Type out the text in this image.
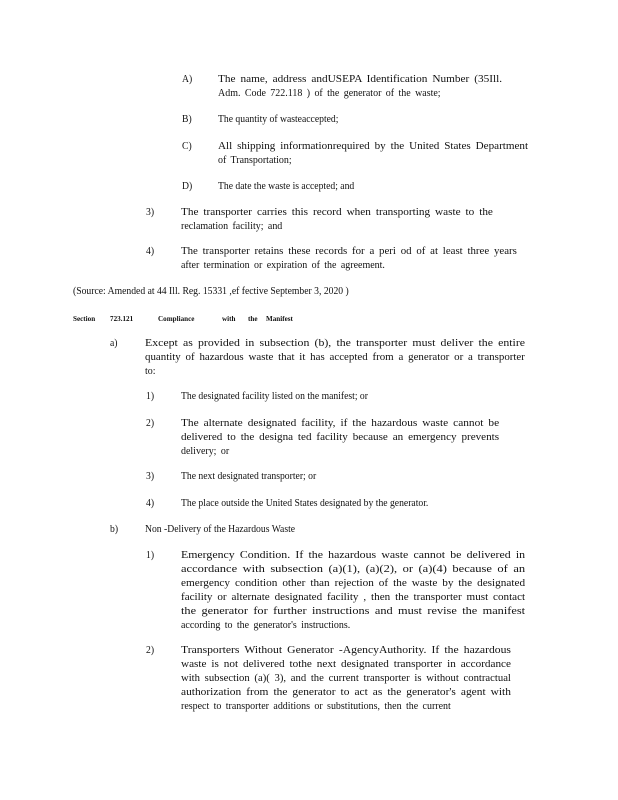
A) The name, address andUSEPA Identification Number (35Ill.
Adm. Code 722.118 ) of the generator of the waste;
B)	The quantity of wasteaccepted;
C)	All shipping informationrequired by the United States Department
of Transportation;
D) The date the waste is accepted; and
3)	The transporter carries this record when transporting waste to the
reclamation facility; and
4)	The transporter retains these records for a peri od of at least three years
after termination or expiration of the agreement.
(Source: Amended at 44 Ill. Reg. 15331 ,ef fective September 3, 2020 )
Section 723.121	Compliance	with the Manifest
a)	Except as provided in subsection (b), the transporter must deliver the entire
quantity of hazardous waste that it has accepted from a generator or a transporter
to:
1)	The designated facility listed on the manifest; or
2)	The alternate designated facility, if the hazardous waste cannot be
delivered to the designa ted facility because an emergency prevents
delivery; or
3)	The next designated transporter; or
4)	The place outside the United States designated by the generator.
b)	Non -Delivery of the Hazardous Waste
1)	Emergency Condition. If the hazardous waste cannot be delivered in
accordance with subsection (a)(1), (a)(2), or (a)(4) because of an
emergency condition other than rejection of the waste by the designated
facility or alternate designated facility , then the transporter must contact
the generator for further instructions and must revise the manifest
according to the generator's instructions.
2)	Transporters Without Generator -AgencyAuthority. If the hazardous
waste is not delivered tothe next designated transporter in accordance
with subsection (a)( 3), and the current transporter is without contractual
authorization from the generator to act as the generator's agent with
respect to transporter additions or substitutions, then the current
